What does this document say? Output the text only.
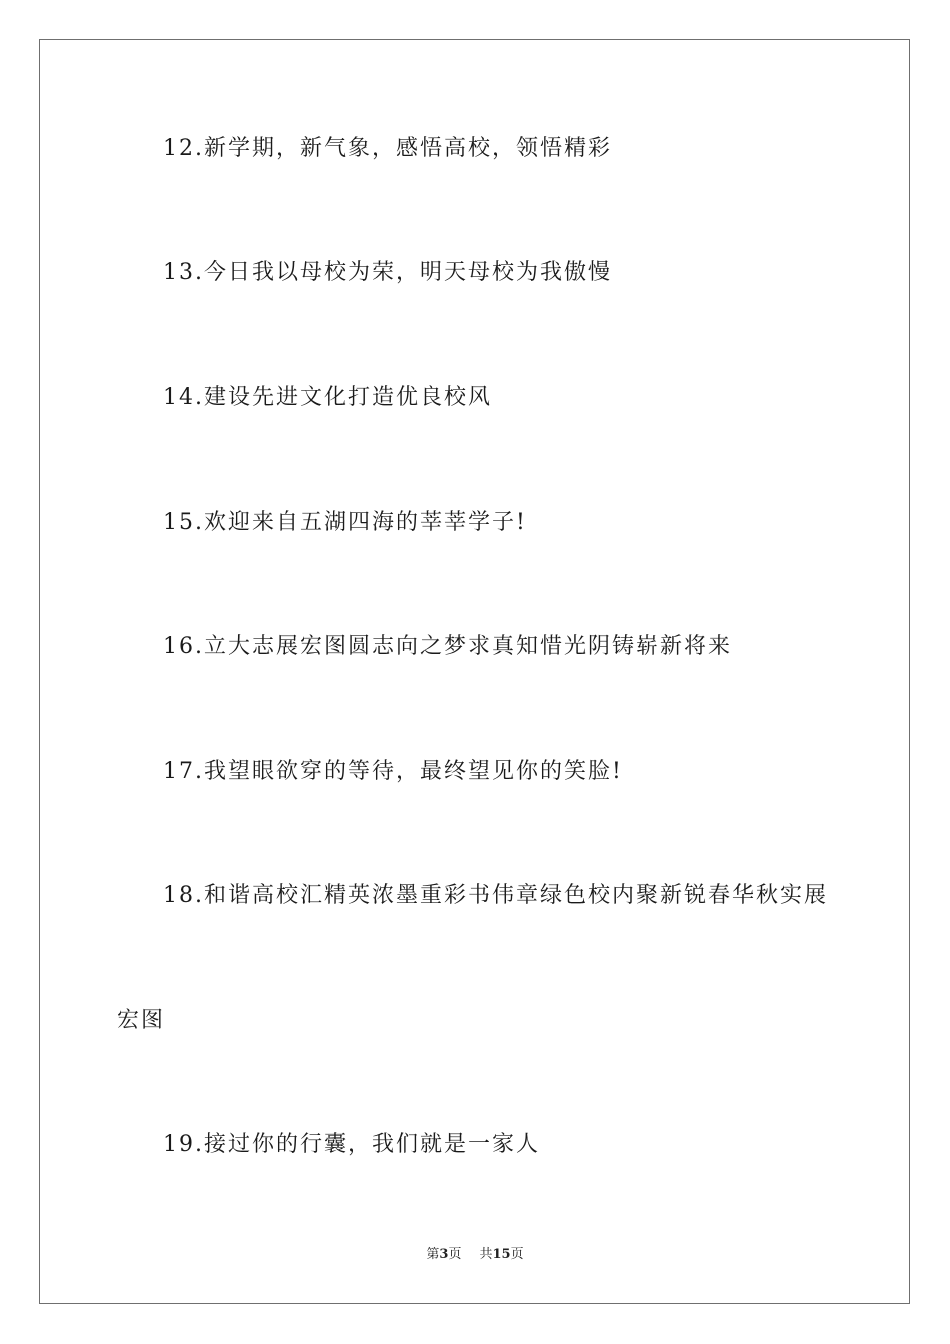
12.新学期，新气象，感悟高校，领悟精彩
13.今日我以母校为荣，明天母校为我傲慢
14.建设先进文化打造优良校风
15.欢迎来自五湖四海的莘莘学子!
16.立大志展宏图圆志向之梦求真知惜光阴铸崭新将来
17.我望眼欲穿的等待，最终望见你的笑脸!
18.和谐高校汇精英浓墨重彩书伟章绿色校内聚新锐春华秋实展
宏图
19.接过你的行囊，我们就是一家人
第3页 共15页
